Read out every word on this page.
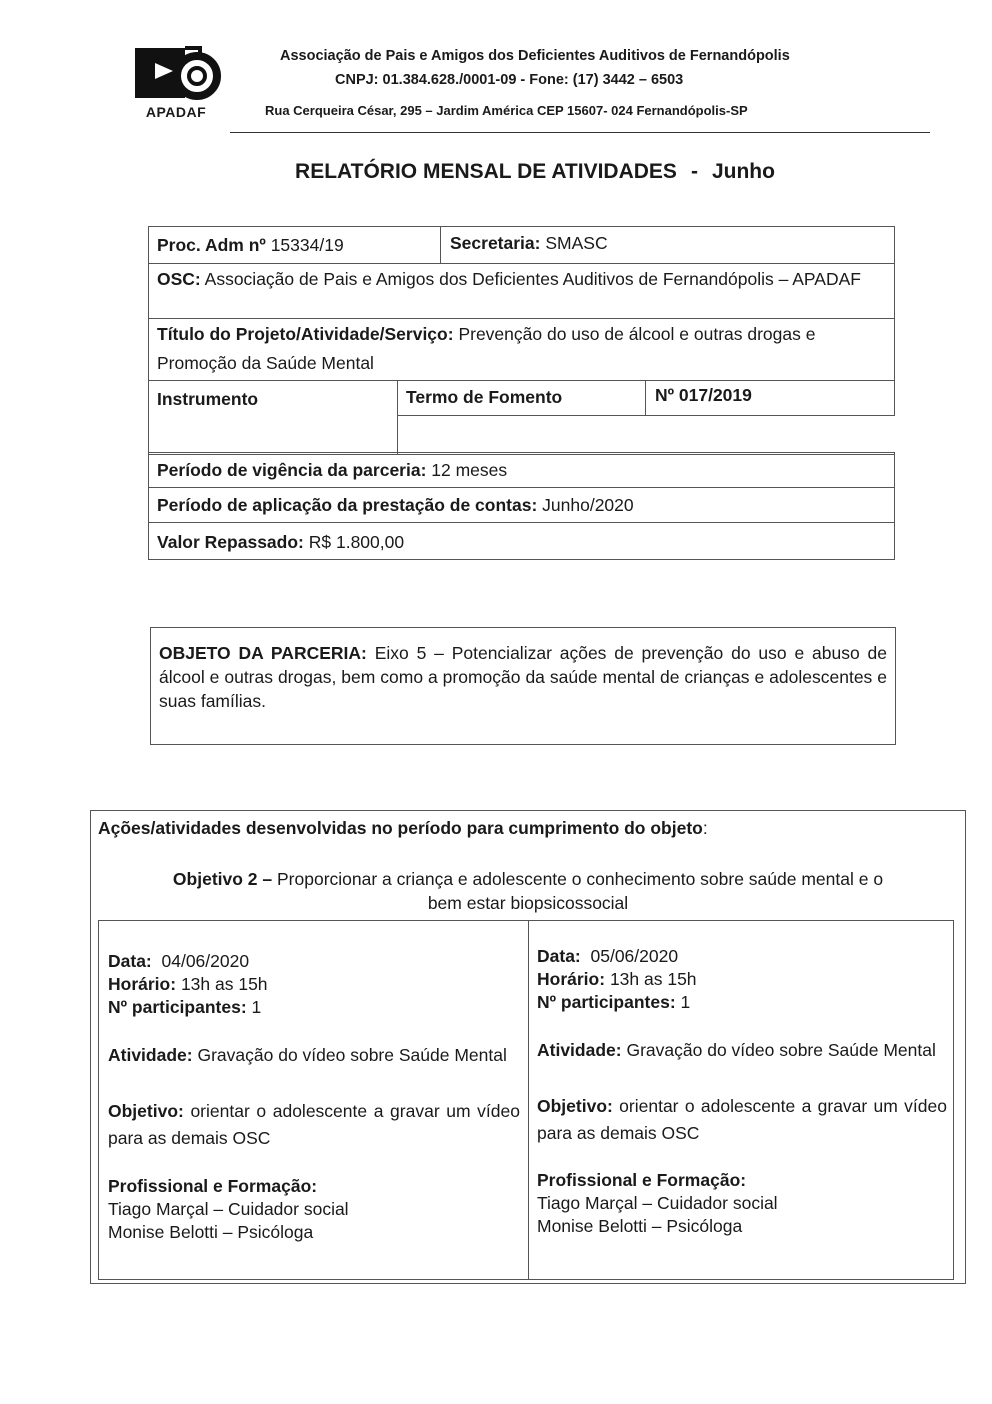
APADAF
Associação de Pais e Amigos dos Deficientes Auditivos de Fernandópolis
CNPJ: 01.384.628./0001-09 - Fone: (17) 3442 – 6503
Rua Cerqueira César, 295 – Jardim América CEP 15607- 024 Fernandópolis-SP
RELATÓRIO MENSAL DE ATIVIDADES - Junho
Proc. Adm nº 15334/19	Secretaria: SMASC
OSC: Associação de Pais e Amigos dos Deficientes Auditivos de Fernandópolis – APADAF
Título do Projeto/Atividade/Serviço: Prevenção do uso de álcool e outras drogas e Promoção da Saúde Mental
Instrumento	Termo de Fomento	Nº 017/2019
Período de vigência da parceria: 12 meses
Período de aplicação da prestação de contas: Junho/2020
Valor Repassado: R$ 1.800,00
OBJETO DA PARCERIA: Eixo 5 – Potencializar ações de prevenção do uso e abuso de álcool e outras drogas, bem como a promoção da saúde mental de crianças e adolescentes e suas famílias.
Ações/atividades desenvolvidas no período para cumprimento do objeto:
Objetivo 2 – Proporcionar a criança e adolescente o conhecimento sobre saúde mental e o
bem estar biopsicossocial
Data: 04/06/2020
Horário: 13h as 15h
Nº participantes: 1
Atividade: Gravação do vídeo sobre Saúde Mental
Objetivo: orientar o adolescente a gravar um vídeo para as demais OSC
Profissional e Formação:
Tiago Marçal – Cuidador social
Monise Belotti – Psicóloga
Data: 05/06/2020
Horário: 13h as 15h
Nº participantes: 1
Atividade: Gravação do vídeo sobre Saúde Mental
Objetivo: orientar o adolescente a gravar um vídeo para as demais OSC
Profissional e Formação:
Tiago Marçal – Cuidador social
Monise Belotti – Psicóloga
